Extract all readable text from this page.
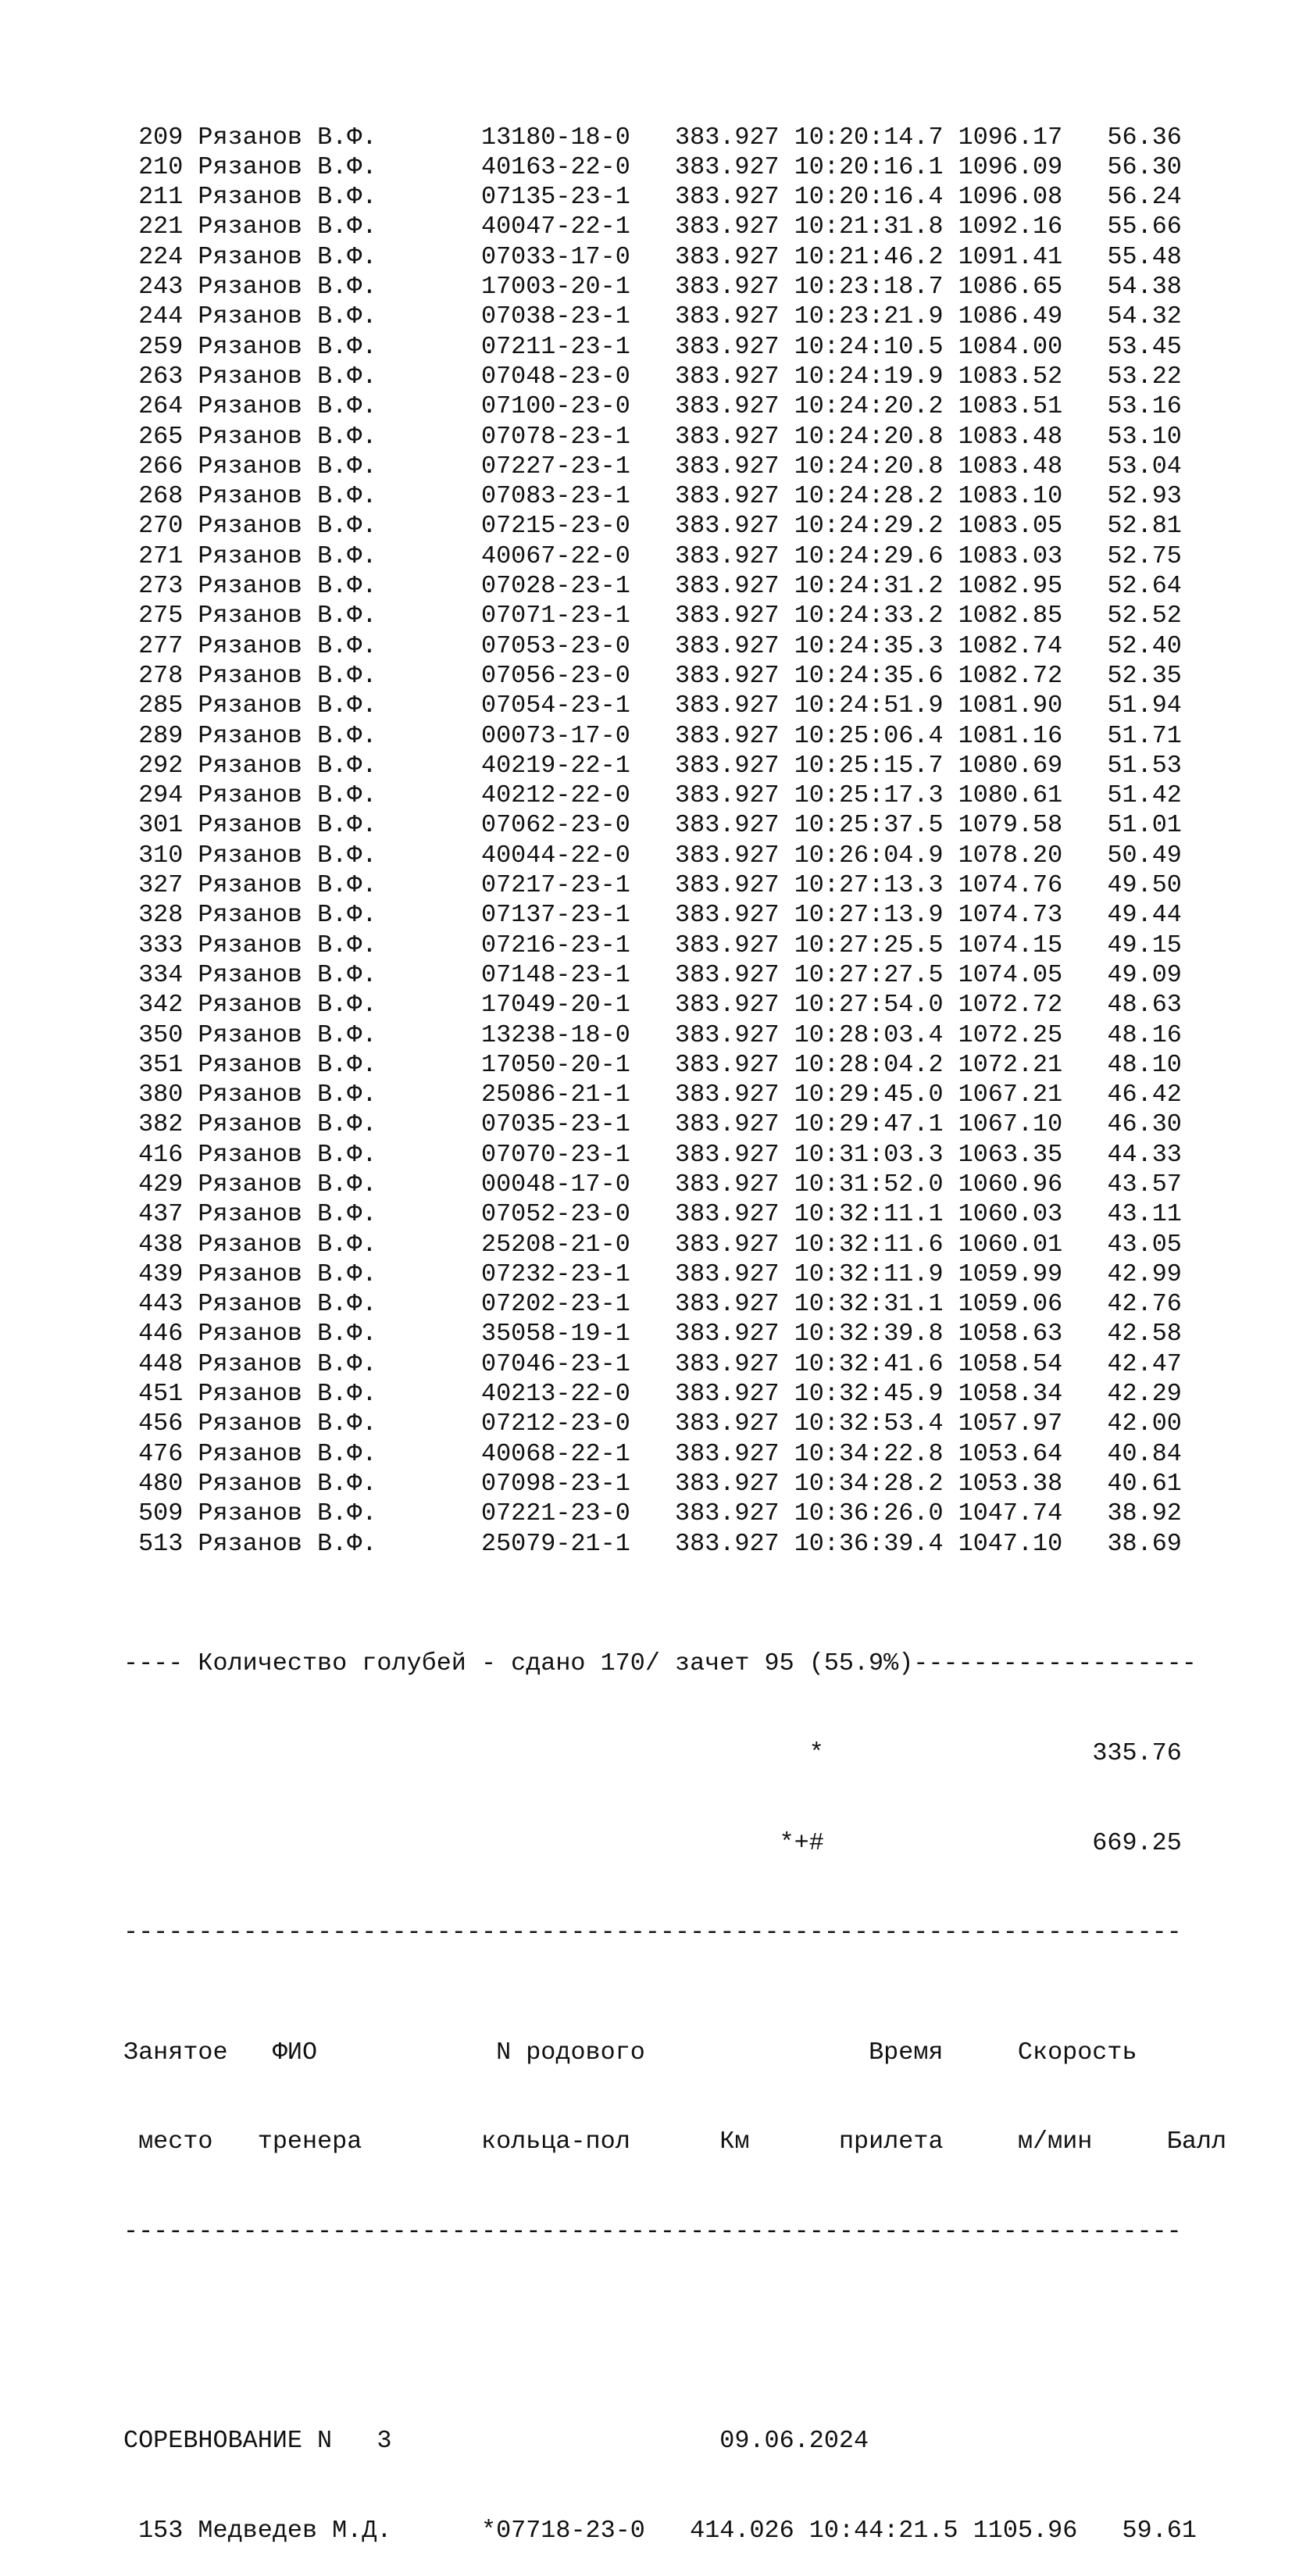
209 Рязанов В.Ф.       13180-18-0 383.927 10:20:14.7 1096.17   56.36
210 Рязанов В.Ф.       40163-22-0 383.927 10:20:16.1 1096.09   56.30
211 Рязанов В.Ф.       07135-23-1 383.927 10:20:16.4 1096.08   56.24
221 Рязанов В.Ф.       40047-22-1 383.927 10:21:31.8 1092.16   55.66
224 Рязанов В.Ф.       07033-17-0 383.927 10:21:46.2 1091.41   55.48
243 Рязанов В.Ф.       17003-20-1 383.927 10:23:18.7 1086.65   54.38
244 Рязанов В.Ф.       07038-23-1 383.927 10:23:21.9 1086.49   54.32
259 Рязанов В.Ф.       07211-23-1 383.927 10:24:10.5 1084.00   53.45
263 Рязанов В.Ф.       07048-23-0 383.927 10:24:19.9 1083.52   53.22
264 Рязанов В.Ф.       07100-23-0 383.927 10:24:20.2 1083.51   53.16
265 Рязанов В.Ф.       07078-23-1 383.927 10:24:20.8 1083.48   53.10
266 Рязанов В.Ф.       07227-23-1 383.927 10:24:20.8 1083.48   53.04
268 Рязанов В.Ф.       07083-23-1 383.927 10:24:28.2 1083.10   52.93
270 Рязанов В.Ф.       07215-23-0 383.927 10:24:29.2 1083.05   52.81
271 Рязанов В.Ф.       40067-22-0 383.927 10:24:29.6 1083.03   52.75
273 Рязанов В.Ф.       07028-23-1 383.927 10:24:31.2 1082.95   52.64
275 Рязанов В.Ф.       07071-23-1 383.927 10:24:33.2 1082.85   52.52
277 Рязанов В.Ф.       07053-23-0 383.927 10:24:35.3 1082.74   52.40
278 Рязанов В.Ф.       07056-23-0 383.927 10:24:35.6 1082.72   52.35
285 Рязанов В.Ф.       07054-23-1 383.927 10:24:51.9 1081.90   51.94
289 Рязанов В.Ф.       00073-17-0 383.927 10:25:06.4 1081.16   51.71
292 Рязанов В.Ф.       40219-22-1 383.927 10:25:15.7 1080.69   51.53
294 Рязанов В.Ф.       40212-22-0 383.927 10:25:17.3 1080.61   51.42
301 Рязанов В.Ф.       07062-23-0 383.927 10:25:37.5 1079.58   51.01
310 Рязанов В.Ф.       40044-22-0 383.927 10:26:04.9 1078.20   50.49
327 Рязанов В.Ф.       07217-23-1 383.927 10:27:13.3 1074.76   49.50
328 Рязанов В.Ф.       07137-23-1 383.927 10:27:13.9 1074.73   49.44
333 Рязанов В.Ф.       07216-23-1 383.927 10:27:25.5 1074.15   49.15
334 Рязанов В.Ф.       07148-23-1 383.927 10:27:27.5 1074.05   49.09
342 Рязанов В.Ф.       17049-20-1 383.927 10:27:54.0 1072.72   48.63
350 Рязанов В.Ф.       13238-18-0 383.927 10:28:03.4 1072.25   48.16
351 Рязанов В.Ф.       17050-20-1 383.927 10:28:04.2 1072.21   48.10
380 Рязанов В.Ф.       25086-21-1 383.927 10:29:45.0 1067.21   46.42
382 Рязанов В.Ф.       07035-23-1 383.927 10:29:47.1 1067.10   46.30
416 Рязанов В.Ф.       07070-23-1 383.927 10:31:03.3 1063.35   44.33
429 Рязанов В.Ф.       00048-17-0 383.927 10:31:52.0 1060.96   43.57
437 Рязанов В.Ф.       07052-23-0 383.927 10:32:11.1 1060.03   43.11
438 Рязанов В.Ф.       25208-21-0 383.927 10:32:11.6 1060.01   43.05
439 Рязанов В.Ф.       07232-23-1 383.927 10:32:11.9 1059.99   42.99
443 Рязанов В.Ф.       07202-23-1 383.927 10:32:31.1 1059.06   42.76
446 Рязанов В.Ф.       35058-19-1 383.927 10:32:39.8 1058.63   42.58
448 Рязанов В.Ф.       07046-23-1 383.927 10:32:41.6 1058.54   42.47
451 Рязанов В.Ф.       40213-22-0 383.927 10:32:45.9 1058.34   42.29
456 Рязанов В.Ф.       07212-23-0 383.927 10:32:53.4 1057.97   42.00
476 Рязанов В.Ф.       40068-22-1 383.927 10:34:22.8 1053.64   40.84
480 Рязанов В.Ф.       07098-23-1 383.927 10:34:28.2 1053.38   40.61
509 Рязанов В.Ф.       07221-23-0 383.927 10:36:26.0 1047.74   38.92
513 Рязанов В.Ф.       25079-21-1 383.927 10:36:39.4 1047.10   38.69

---- Количество голубей - сдано 170/ зачет 95 (55.9%)-------------------

*	335.76

*+#	669.25

-----------------------------------------------------------------------

Занятое ФИО	N родового	Время	Скорость

место тренера	кольца-пол	Км	прилета	м/мин	Балл

-----------------------------------------------------------------------

СОРЕВНОВАНИЕ N   3	09.06.2024

153 Медведев М.Д.      *07718-23-0 414.026 10:44:21.5 1105.96   59.61
